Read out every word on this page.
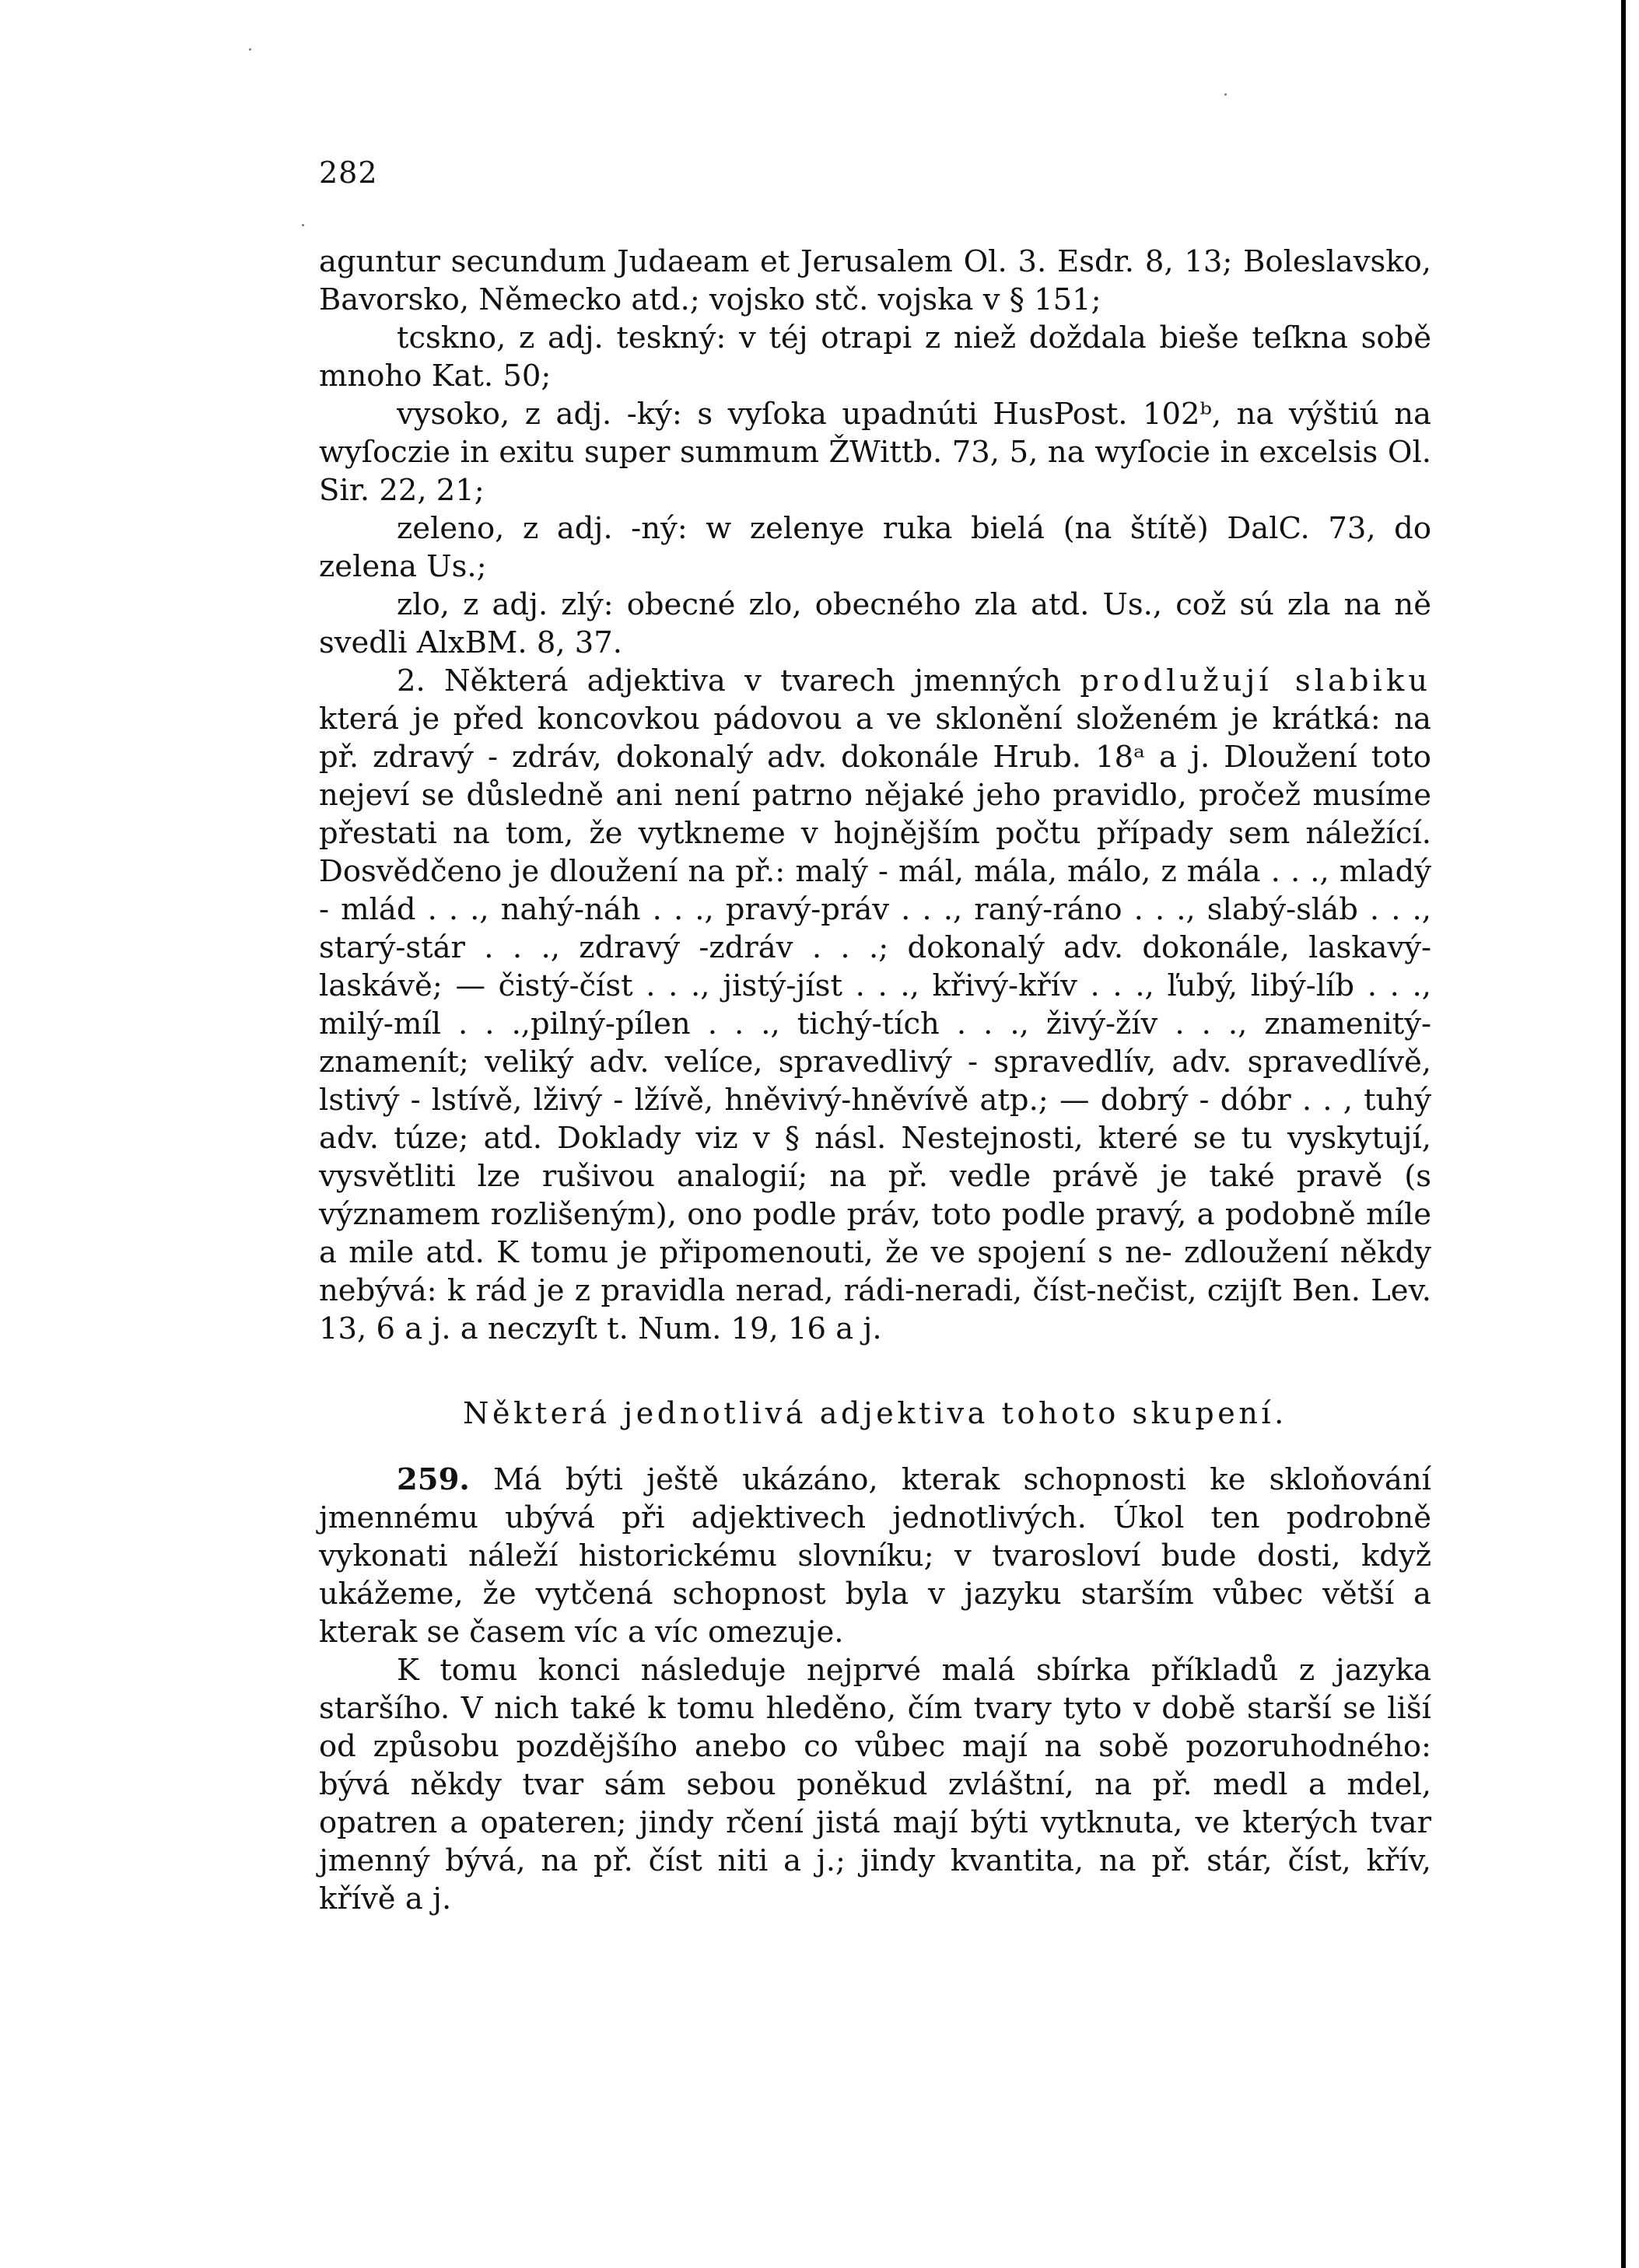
282

aguntur secundum Judaeam et Jerusalem Ol. 3. Esdr. 8, 13; Boleslavsko, Bavorsko, Německo atd.; vojsko stč. vojska v § 151;

tcskno, z adj. teskný: v téj otrapi z niež doždala bieše teſkna sobě mnoho Kat. 50;

vysoko, z adj. -ký: s vyſoka upadnúti HusPost. 102ᵇ, na výštiú na wyſoczie in exitu super summum ŽWittb. 73, 5, na wyſocie in excelsis Ol. Sir. 22, 21;

zeleno, z adj. -ný: w zelenye ruka bielá (na štítě) DalC. 73, do zelena Us.;

zlo, z adj. zlý: obecné zlo, obecného zla atd. Us., což sú zla na ně svedli AlxBM. 8, 37.

2. Některá adjektiva v tvarech jmenných prodlužují slabiku která je před koncovkou pádovou a ve sklonění složeném je krátká: na př. zdravý - zdráv, dokonalý adv. dokonále Hrub. 18ᵃ a j. Dloužení toto nejeví se důsledně ani není patrno nějaké jeho pravidlo, pročež musíme přestati na tom, že vytkneme v hojnějším počtu případy sem náležící. Dosvědčeno je dloužení na př.: malý - mál, mála, málo, z mála . . ., mladý - mlád . . ., nahý-náh . . ., pravý-práv . . ., raný-ráno . . ., slabý-sláb . . ., starý-stár . . ., zdravý -zdráv . . .; dokonalý adv. dokonále, laskavý-laskávě; — čistý-číst . . ., jistý-jíst . . ., křivý-křív . . ., ľubý, libý-líb . . ., milý-míl . . .,pilný-pílen . . ., tichý-tích . . ., živý-žív . . ., znamenitý-znamenít; veliký adv. velíce, spravedlivý - spravedlív, adv. spravedlívě, lstivý - lstívě, lživý - lžívě, hněvivý-hněvívě atp.; — dobrý - dóbr . . , tuhý adv. túze; atd. Doklady viz v § násl. Nestejnosti, které se tu vyskytují, vysvětliti lze rušivou analogií; na př. vedle právě je také pravě (s významem rozlišeným), ono podle práv, toto podle pravý, a podobně míle a mile atd. K tomu je připomenouti, že ve spojení s ne- zdloužení někdy nebývá: k rád je z pravidla nerad, rádi-neradi, číst-nečist, czijſt Ben. Lev. 13, 6 a j. a neczyſt t. Num. 19, 16 a j.

Některá jednotlivá adjektiva tohoto skupení.

259. Má býti ještě ukázáno, kterak schopnosti ke skloňování jmennému ubývá při adjektivech jednotlivých. Úkol ten podrobně vykonati náleží historickému slovníku; v tvarosloví bude dosti, když ukážeme, že vytčená schopnost byla v jazyku starším vůbec větší a kterak se časem víc a víc omezuje.

K tomu konci následuje nejprvé malá sbírka příkladů z jazyka staršího. V nich také k tomu hleděno, čím tvary tyto v době starší se liší od způsobu pozdějšího anebo co vůbec mají na sobě pozoruhodného: bývá někdy tvar sám sebou poněkud zvláštní, na př. medl a mdel, opatren a opateren; jindy rčení jistá mají býti vytknuta, ve kterých tvar jmenný bývá, na př. číst niti a j.; jindy kvantita, na př. stár, číst, křív, křívě a j.
